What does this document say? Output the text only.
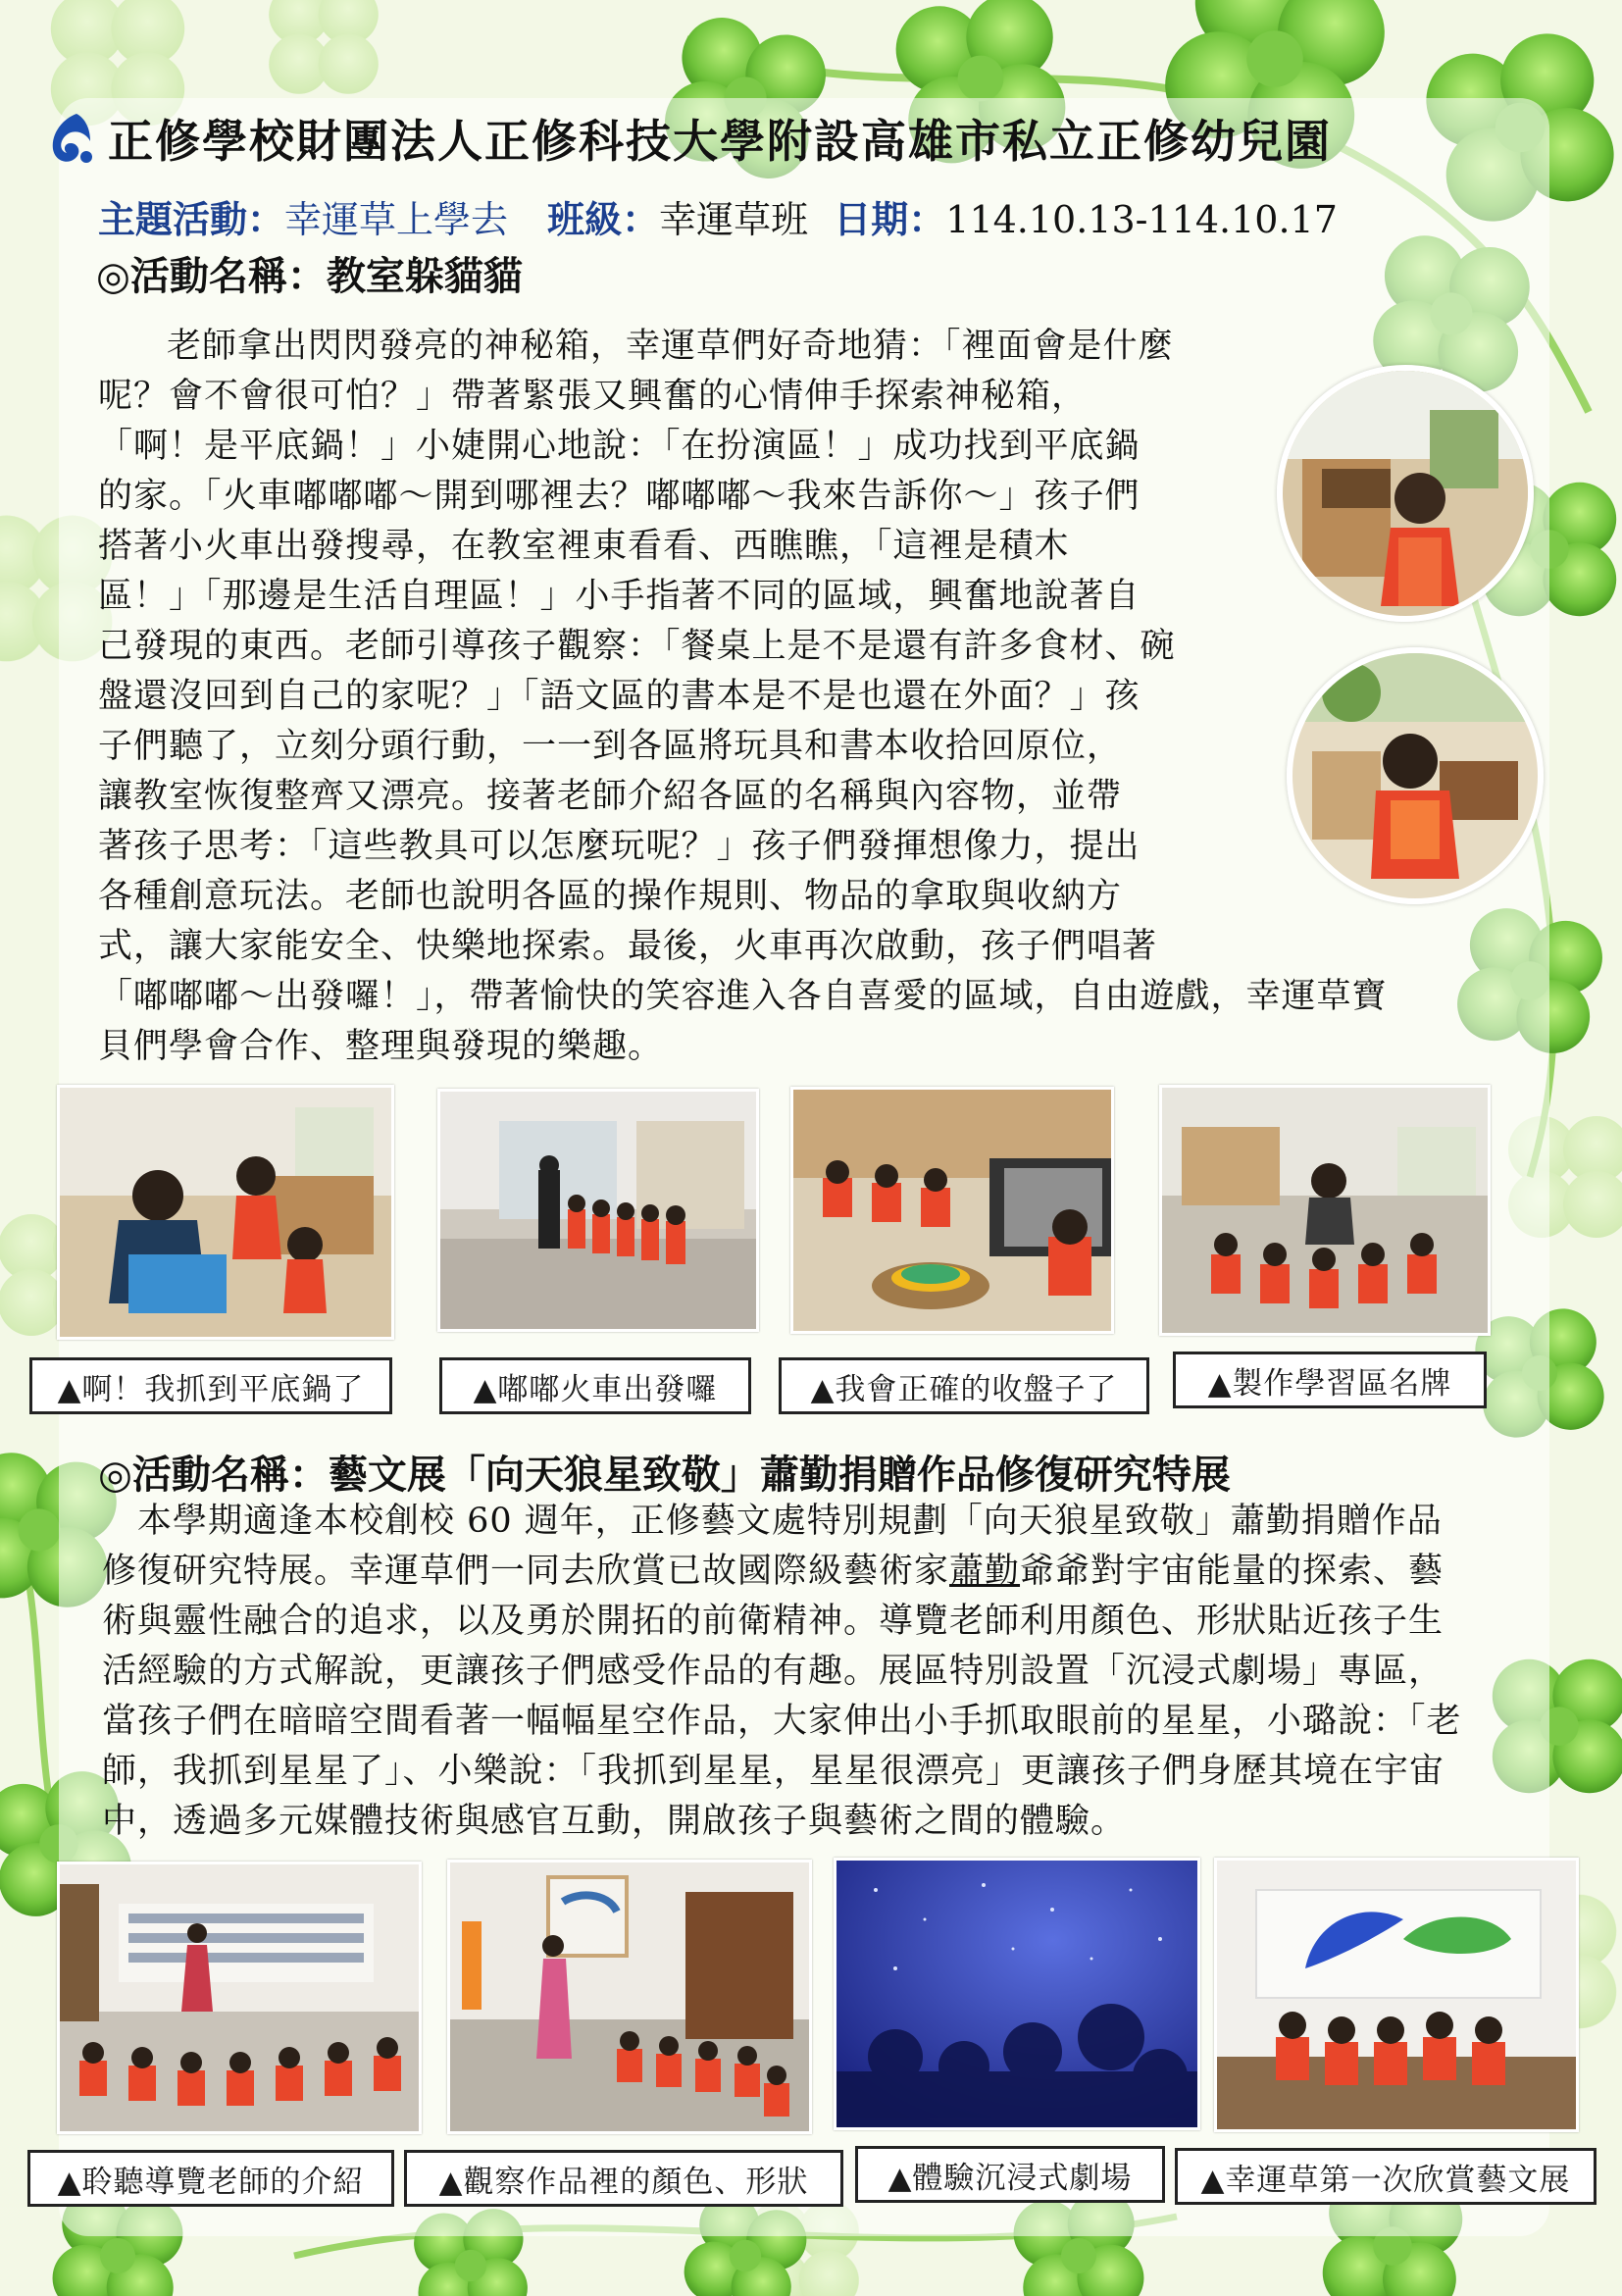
正修學校財團法人正修科技大學附設高雄市私立正修幼兒園
主題活動：幸運草上學去 班級：幸運草班 日期：114.10.13-114.10.17
◎活動名稱：教室躲貓貓
老師拿出閃閃發亮的神秘箱，幸運草們好奇地猜：「裡面會是什麼
呢？會不會很可怕？」帶著緊張又興奮的心情伸手探索神秘箱，
「啊！是平底鍋！」小婕開心地說：「在扮演區！」成功找到平底鍋
的家。「火車嘟嘟嘟～開到哪裡去？嘟嘟嘟～我來告訴你～」孩子們
搭著小火車出發搜尋，在教室裡東看看、西瞧瞧，「這裡是積木
區！」「那邊是生活自理區！」小手指著不同的區域，興奮地說著自
己發現的東西。老師引導孩子觀察：「餐桌上是不是還有許多食材、碗
盤還沒回到自己的家呢？」「語文區的書本是不是也還在外面？」孩
子們聽了，立刻分頭行動，一一到各區將玩具和書本收拾回原位，
讓教室恢復整齊又漂亮。接著老師介紹各區的名稱與內容物，並帶
著孩子思考：「這些教具可以怎麼玩呢？」孩子們發揮想像力，提出
各種創意玩法。老師也說明各區的操作規則、物品的拿取與收納方
式，讓大家能安全、快樂地探索。最後，火車再次啟動，孩子們唱著
「嘟嘟嘟～出發囉！」，帶著愉快的笑容進入各自喜愛的區域，自由遊戲，幸運草寶
貝們學會合作、整理與發現的樂趣。
▲啊！我抓到平底鍋了	▲嘟嘟火車出發囉	▲我會正確的收盤子了	▲製作學習區名牌
◎活動名稱：藝文展「向天狼星致敬」蕭勤捐贈作品修復研究特展
本學期適逢本校創校 60 週年，正修藝文處特別規劃「向天狼星致敬」蕭勤捐贈作品
修復研究特展。幸運草們一同去欣賞已故國際級藝術家蕭勤爺爺對宇宙能量的探索、藝
術與靈性融合的追求，以及勇於開拓的前衛精神。導覽老師利用顏色、形狀貼近孩子生
活經驗的方式解說，更讓孩子們感受作品的有趣。展區特別設置「沉浸式劇場」專區，
當孩子們在暗暗空間看著一幅幅星空作品，大家伸出小手抓取眼前的星星，小璐說：「老
師，我抓到星星了」、小樂說：「我抓到星星，星星很漂亮」更讓孩子們身歷其境在宇宙
中，透過多元媒體技術與感官互動，開啟孩子與藝術之間的體驗。
▲聆聽導覽老師的介紹	▲觀察作品裡的顏色、形狀	▲體驗沉浸式劇場	▲幸運草第一次欣賞藝文展
